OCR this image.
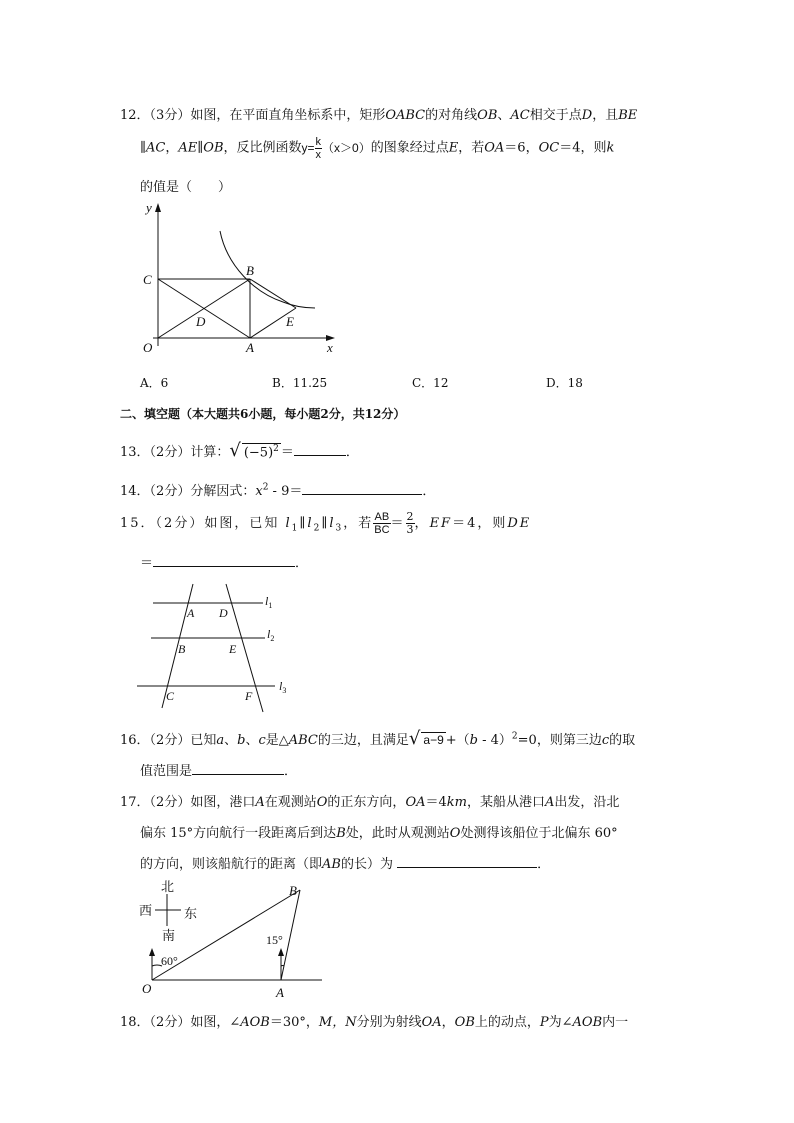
12．（3分）如图，在平面直角坐标系中，矩形OABC的对角线OB、AC相交于点D，且BE
∥AC，AE∥OB，反比例函数$y= \frac{k}{x} (x>0)$的图象经过点E，若OA＝6，OC＝4，则k
的值是（　　）
y
C
B
D	E
O	A	x
A．6	B．11.25	C．12	D．18
二、填空题（本大题共6小题，每小题2分，共12分）
13．（2分）计算：√ $(-5)^2$ ＝	．
14．（2分）分解因式：$x^2 - 9=$	．
15．（2分）如图，已知 $l_1\parallel l_2\parallel l_3$，若 $\frac{AB}{BC} = \frac{2}{3}$ ，EF＝4，则DE
＝	．
A D
B	E
C	F
$l_1$
$l_2$
$l_3$
16．（2分）已知a、b、c是△ABC的三边，且满足√ a−9 +（b - 4）$^2$=0，则第三边c的取
值范围是	．
17．（2分）如图，港口A在观测站O的正东方向，OA＝4km，某船从港口A出发，沿北
偏东 15°方向航行一段距离后到达B处，此时从观测站O处测得该船位于北偏东 60°
的方向，则该船航行的距离（即AB的长）为	．
北
西 东
南
B
15°
60°
O	A
18．（2分）如图，∠AOB＝30°，M，N分别为射线OA，OB上的动点，P为∠AOB内一
